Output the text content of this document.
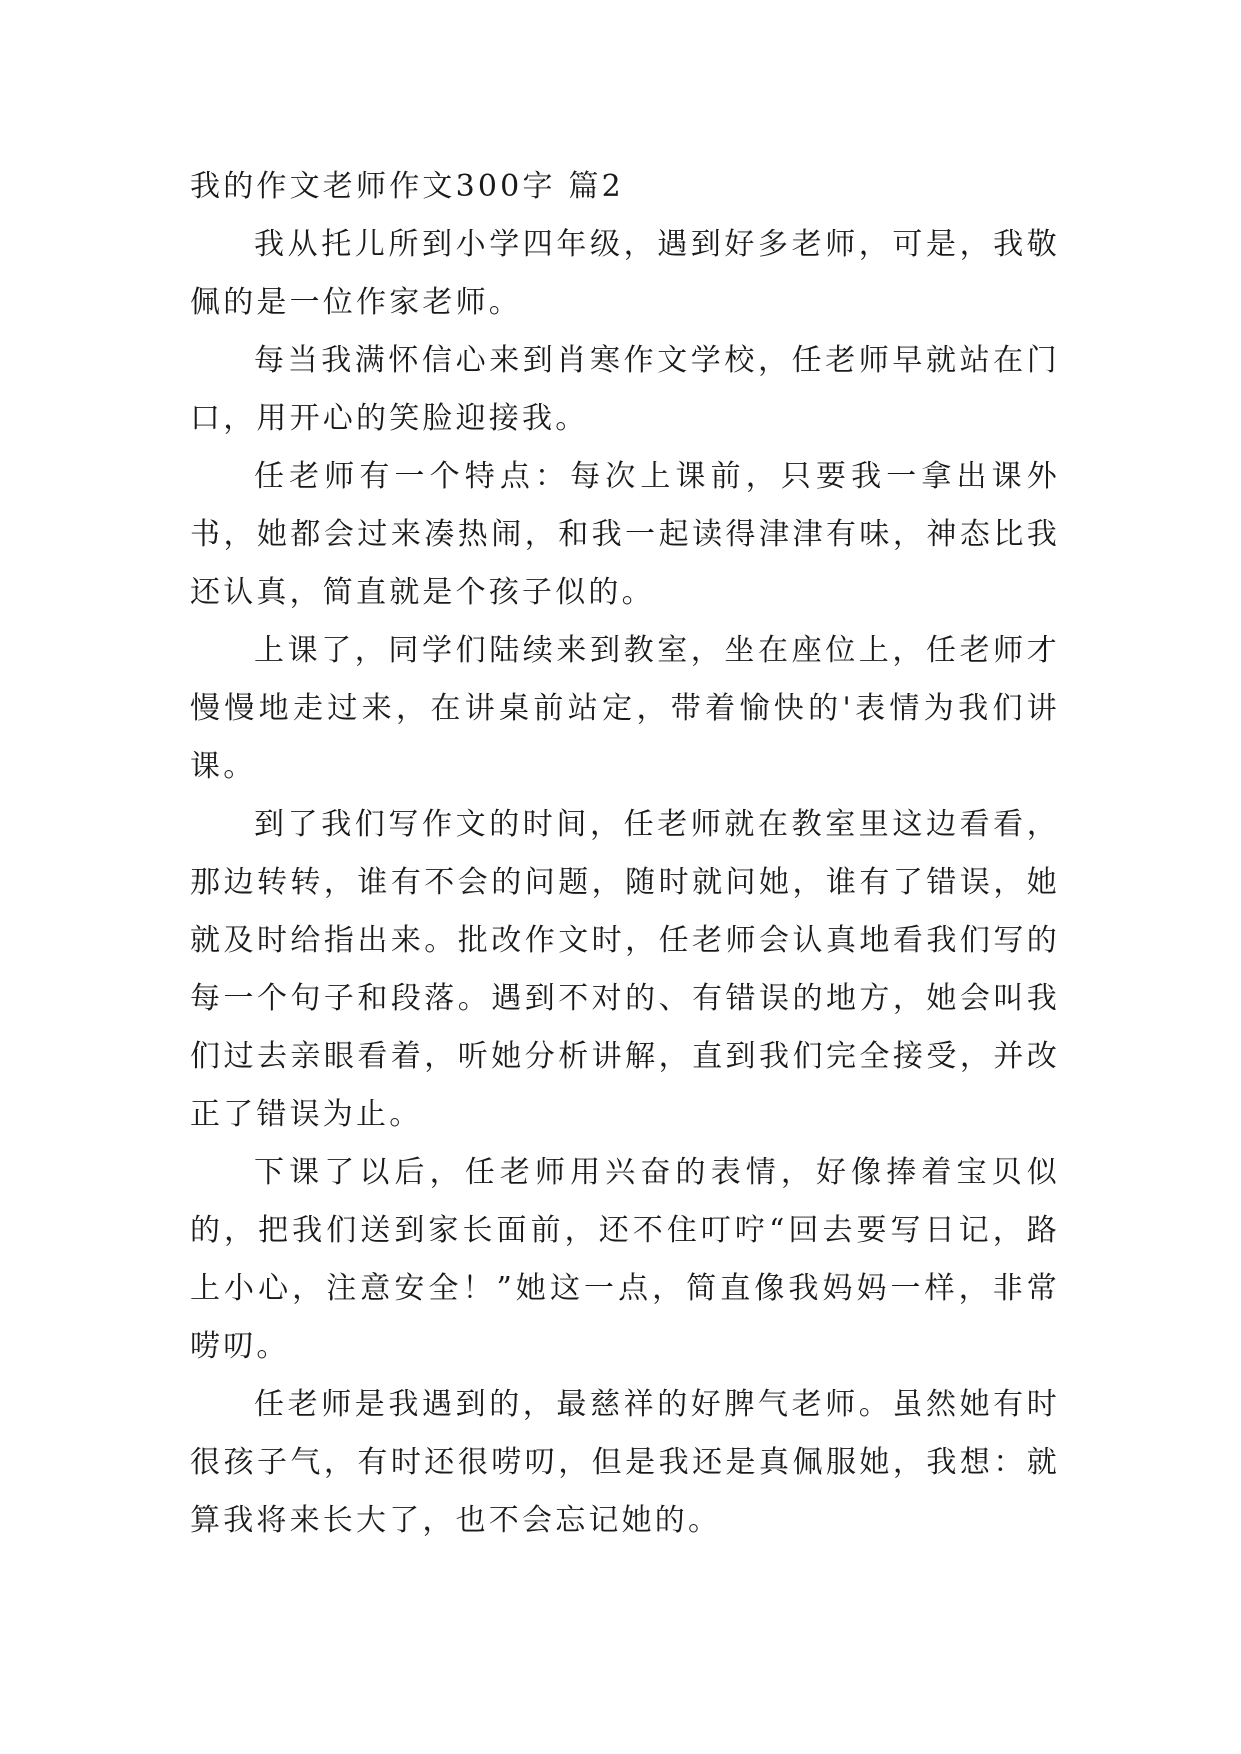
我的作文老师作文300字 篇2

我从托儿所到小学四年级，遇到好多老师，可是，我敬佩的是一位作家老师。

每当我满怀信心来到肖寒作文学校，任老师早就站在门口，用开心的笑脸迎接我。

任老师有一个特点：每次上课前，只要我一拿出课外书，她都会过来凑热闹，和我一起读得津津有味，神态比我还认真，简直就是个孩子似的。

上课了，同学们陆续来到教室，坐在座位上，任老师才慢慢地走过来，在讲桌前站定，带着愉快的'表情为我们讲课。

到了我们写作文的时间，任老师就在教室里这边看看，那边转转，谁有不会的问题，随时就问她，谁有了错误，她就及时给指出来。批改作文时，任老师会认真地看我们写的每一个句子和段落。遇到不对的、有错误的地方，她会叫我们过去亲眼看着，听她分析讲解，直到我们完全接受，并改正了错误为止。

下课了以后，任老师用兴奋的表情，好像捧着宝贝似的，把我们送到家长面前，还不住叮咛“回去要写日记，路上小心，注意安全！”她这一点，简直像我妈妈一样，非常唠叨。

任老师是我遇到的，最慈祥的好脾气老师。虽然她有时很孩子气，有时还很唠叨，但是我还是真佩服她，我想：就算我将来长大了，也不会忘记她的。
